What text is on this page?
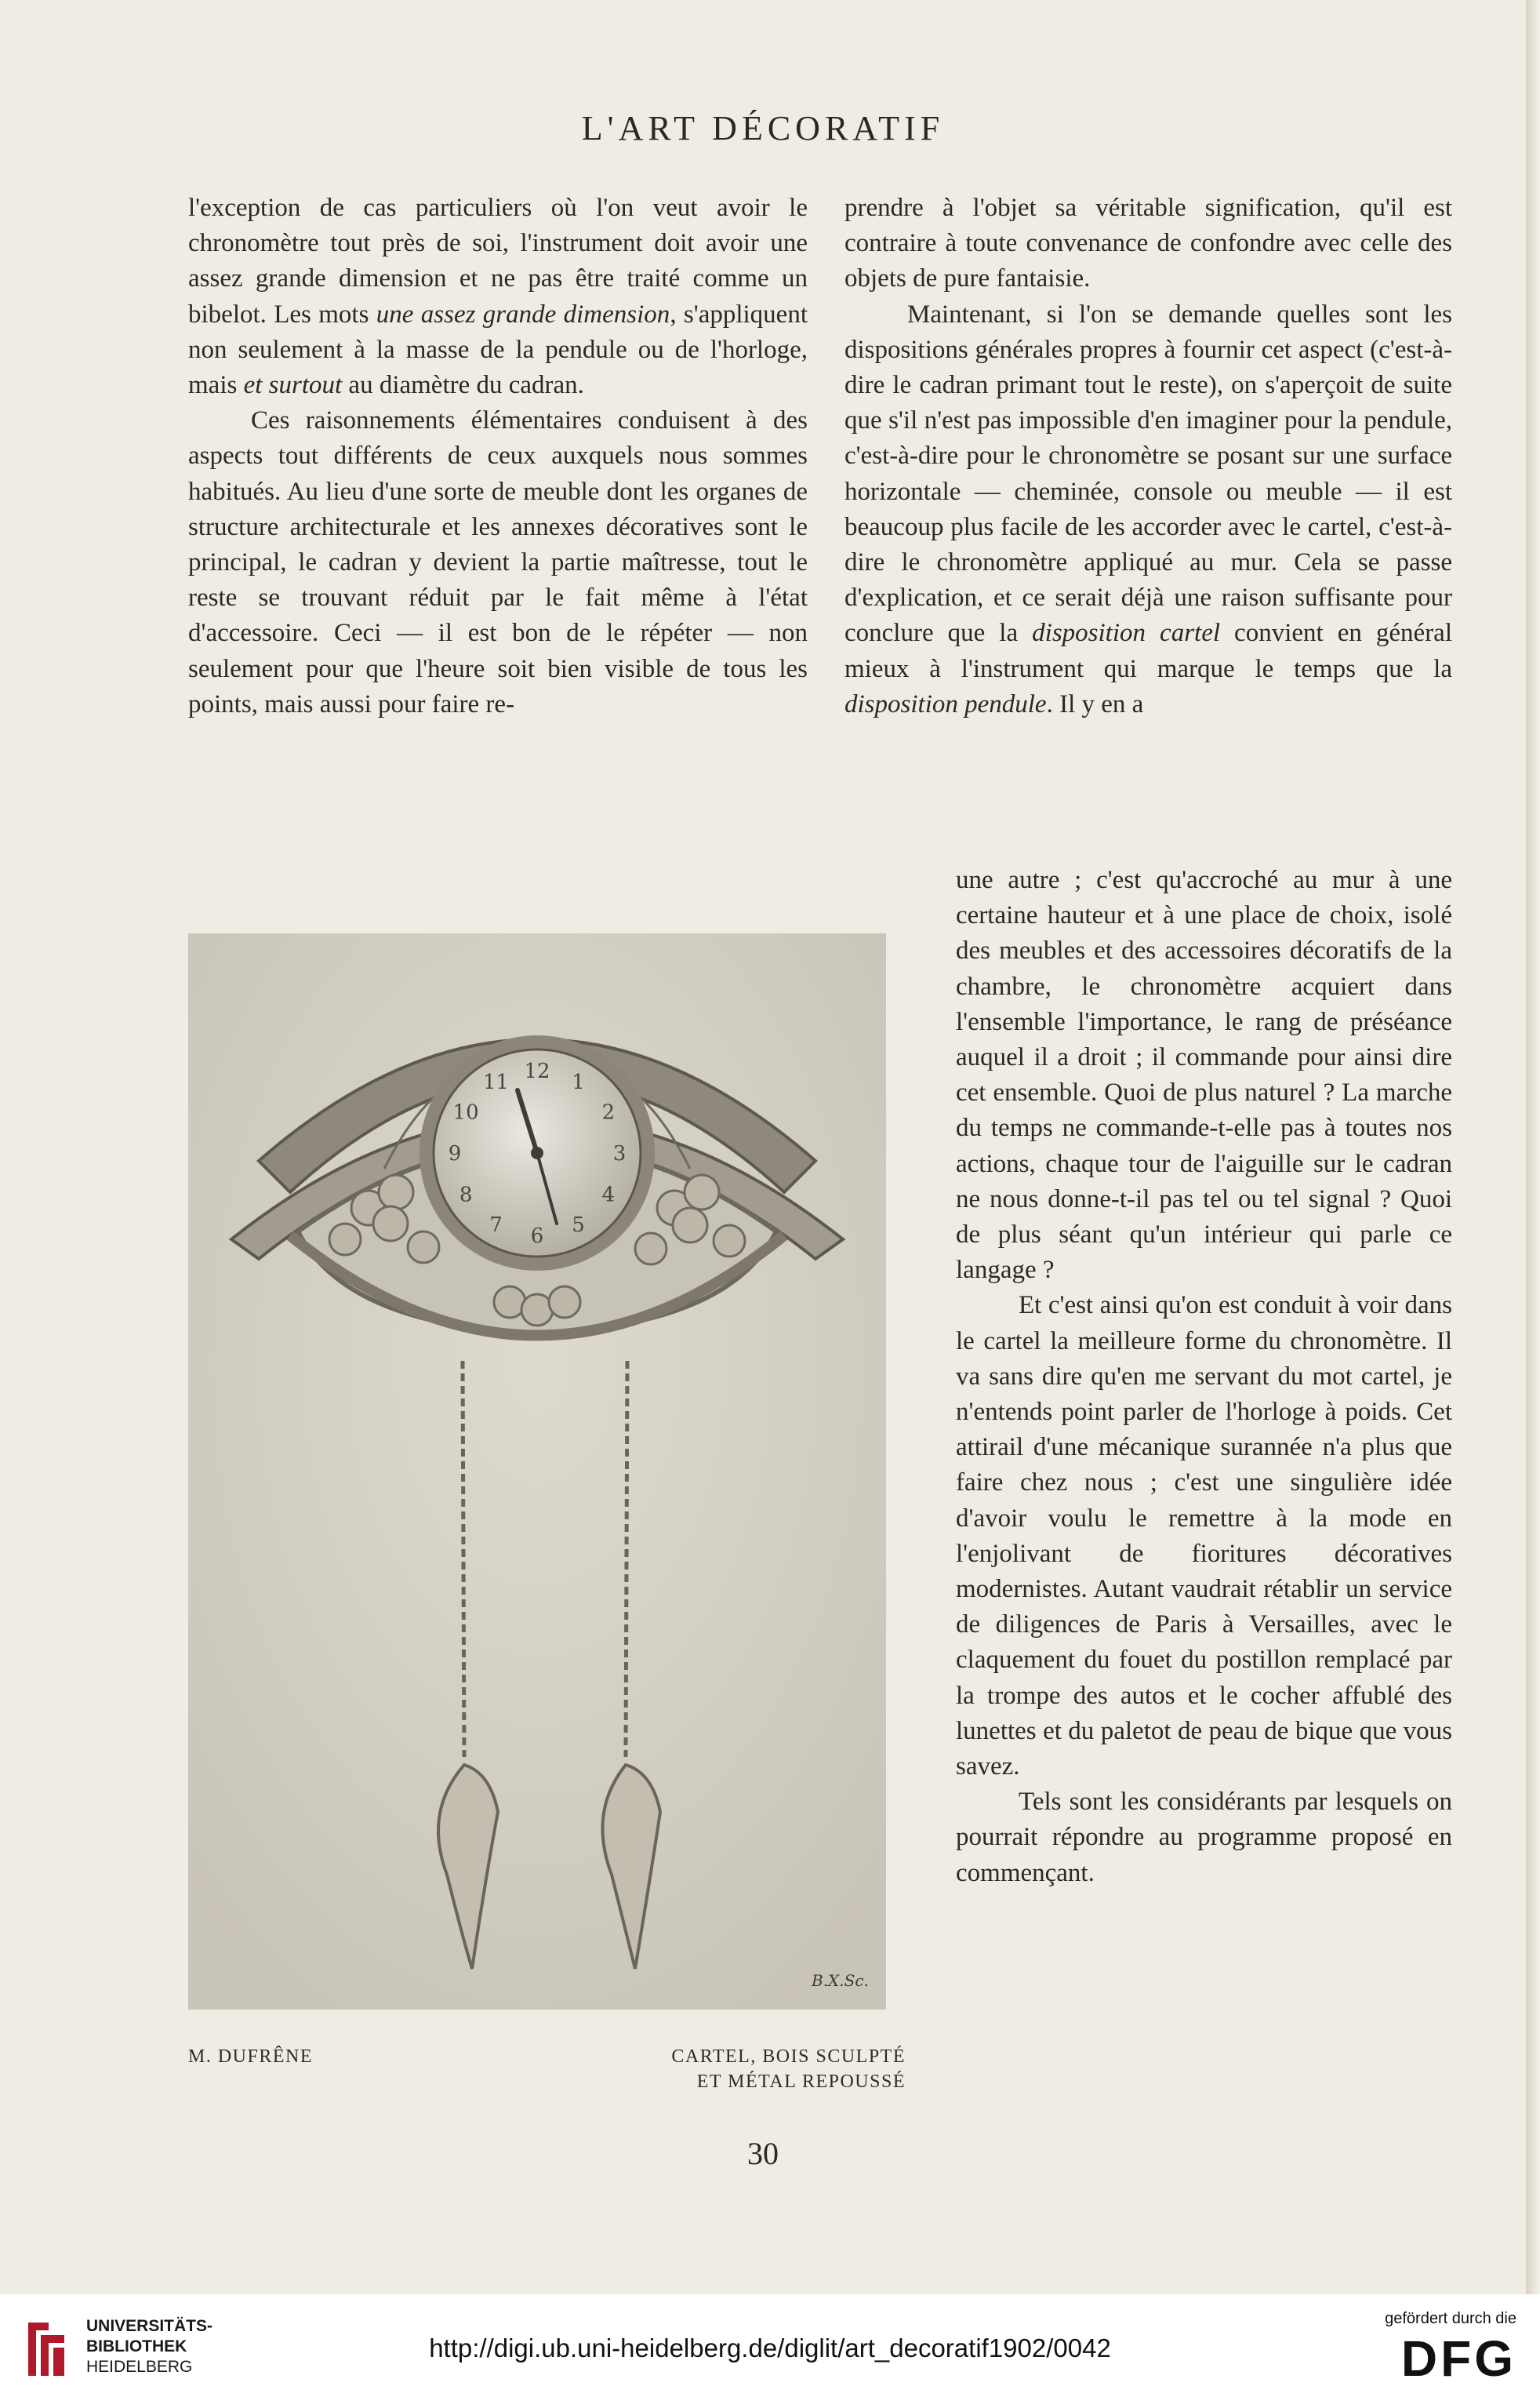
L'ART DÉCORATIF

l'exception de cas particuliers où l'on veut avoir le chronomètre tout près de soi, l'instrument doit avoir une assez grande dimension et ne pas être traité comme un bibelot. Les mots une assez grande dimension, s'appliquent non seulement à la masse de la pendule ou de l'horloge, mais et surtout au diamètre du cadran.

Ces raisonnements élémentaires conduisent à des aspects tout différents de ceux auxquels nous sommes habitués. Au lieu d'une sorte de meuble dont les organes de structure architecturale et les annexes décoratives sont le principal, le cadran y devient la partie maîtresse, tout le reste se trouvant réduit par le fait même à l'état d'accessoire. Ceci — il est bon de le répéter — non seulement pour que l'heure soit bien visible de tous les points, mais aussi pour faire re-

prendre à l'objet sa véritable signification, qu'il est contraire à toute convenance de confondre avec celle des objets de pure fantaisie.

Maintenant, si l'on se demande quelles sont les dispositions générales propres à fournir cet aspect (c'est-à-dire le cadran primant tout le reste), on s'aperçoit de suite que s'il n'est pas impossible d'en imaginer pour la pendule, c'est-à-dire pour le chronomètre se posant sur une surface horizontale — cheminée, console ou meuble — il est beaucoup plus facile de les accorder avec le cartel, c'est-à-dire le chronomètre appliqué au mur. Cela se passe d'explication, et ce serait déjà une raison suffisante pour conclure que la disposition cartel convient en général mieux à l'instrument qui marque le temps que la disposition pendule. Il y en a

une autre ; c'est qu'accroché au mur à une certaine hauteur et à une place de choix, isolé des meubles et des accessoires décoratifs de la chambre, le chronomètre acquiert dans l'ensemble l'importance, le rang de préséance auquel il a droit ; il commande pour ainsi dire cet ensemble. Quoi de plus naturel ? La marche du temps ne commande-t-elle pas à toutes nos actions, chaque tour de l'aiguille sur le cadran ne nous donne-t-il pas tel ou tel signal ? Quoi de plus séant qu'un intérieur qui parle ce langage ?

Et c'est ainsi qu'on est conduit à voir dans le cartel la meilleure forme du chronomètre. Il va sans dire qu'en me servant du mot cartel, je n'entends point parler de l'horloge à poids. Cet attirail d'une mécanique surannée n'a plus que faire chez nous ; c'est une singulière idée d'avoir voulu le remettre à la mode en l'enjolivant de fioritures décoratives modernistes. Autant vaudrait rétablir un service de diligences de Paris à Versailles, avec le claquement du fouet du postillon remplacé par la trompe des autos et le cocher affublé des lunettes et du paletot de peau de bique que vous savez.

Tels sont les considérants par lesquels on pourrait répondre au programme proposé en commençant.

12 1
2
3
4
5
6
7
8
9
10
11
B.X.Sc.
M. DUFRÊNE	CARTEL, BOIS SCULPTÉ
ET MÉTAL REPOUSSÉ
30
UNIVERSITÄTS-
BIBLIOTHEK
HEIDELBERG
http://digi.ub.uni-heidelberg.de/diglit/art_decoratif1902/0042
gefördert durch die
DFG
